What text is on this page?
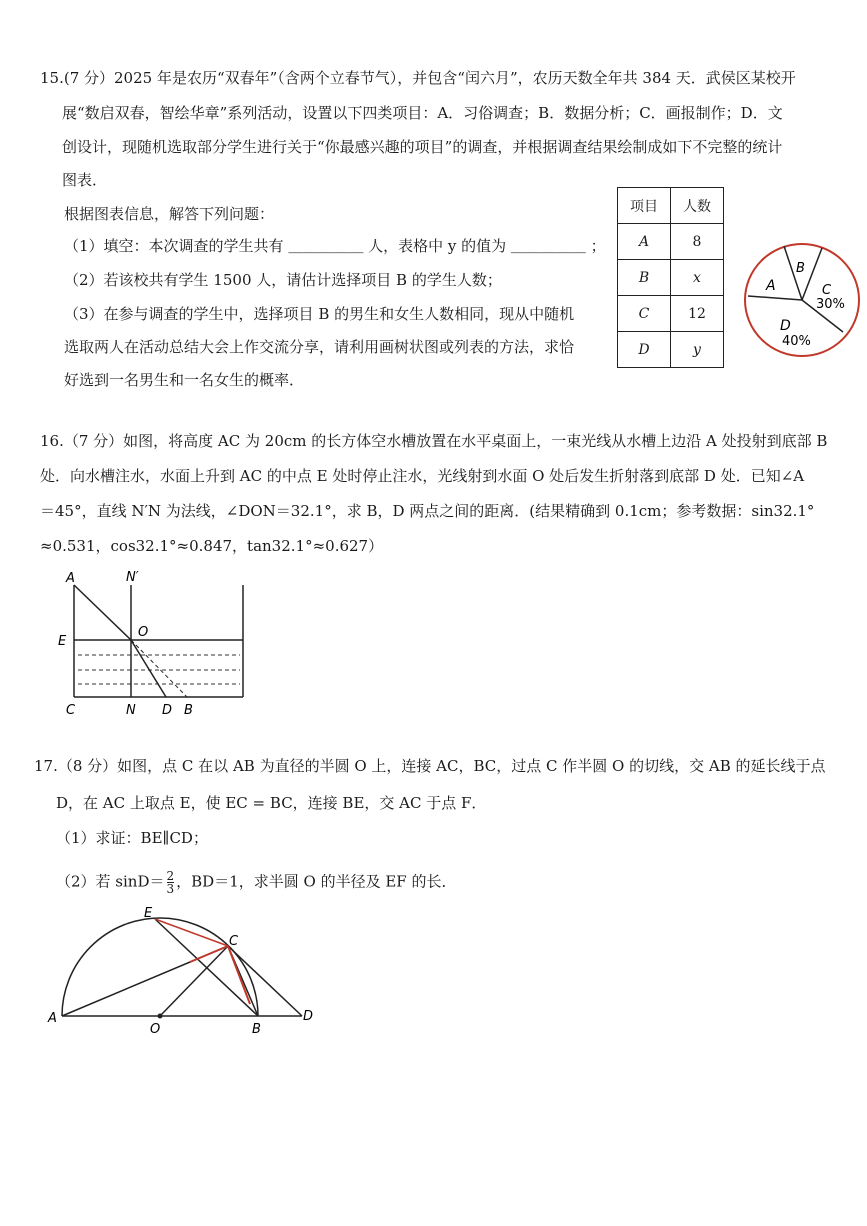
15.(7 分）2025 年是农历“双春年”（含两个立春节气），并包含“闰六月”，农历天数全年共 384 天．武侯区某校开
展“数启双春，智绘华章”系列活动，设置以下四类项目：A．习俗调查；B．数据分析；C．画报制作；D．文
创设计，现随机选取部分学生进行关于“你最感兴趣的项目”的调查，并根据调查结果绘制成如下不完整的统计
图表．
根据图表信息，解答下列问题：
（1）填空：本次调查的学生共有 ＿＿＿＿＿ 人，表格中 y 的值为 ＿＿＿＿＿ ；
（2）若该校共有学生 1500 人，请估计选择项目 B 的学生人数；
（3）在参与调查的学生中，选择项目 B 的男生和女生人数相同，现从中随机
选取两人在活动总结大会上作交流分享，请利用画树状图或列表的方法，求恰
好选到一名男生和一名女生的概率．
项目	人数
A	8
B	x
C	12
D	y
A
B
C
30%
D
40%
16.（7 分）如图，将高度 AC 为 20cm 的长方体空水槽放置在水平桌面上，一束光线从水槽上边沿 A 处投射到底部 B
处．向水槽注水，水面上升到 AC 的中点 E 处时停止注水，光线射到水面 O 处后发生折射落到底部 D 处．已知∠A
＝45°，直线 N′N 为法线，∠DON＝32.1°，求 B，D 两点之间的距离．(结果精确到 0.1cm；参考数据：sin32.1°
≈0.531，cos32.1°≈0.847，tan32.1°≈0.627）
A	N′
E
O
C	N D B
17.（8 分）如图，点 C 在以 AB 为直径的半圆 O 上，连接 AC，BC，过点 C 作半圆 O 的切线，交 AB 的延长线于点
D，在 AC 上取点 E，使 EC = BC，连接 BE，交 AC 于点 F．
（1）求证：BE∥CD；
（2）若 $\sin D= \frac{2}{3}$ ，BD＝1，求半圆 O 的半径及 EF 的长．
E
C
A
O	B
D
